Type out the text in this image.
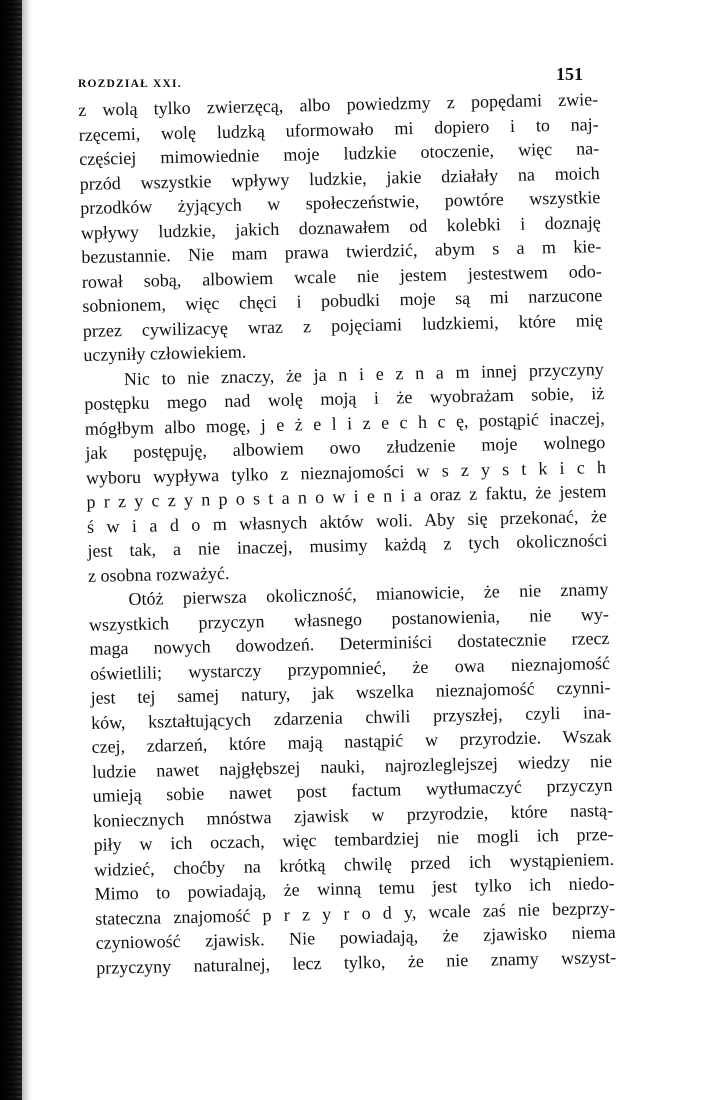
ROZDZIAŁ XXI.	151
z wolą tylko zwierzęcą, albo powiedzmy z popędami zwie-
rzęcemi, wolę ludzką uformowało mi dopiero i to naj-
częściej mimowiednie moje ludzkie otoczenie, więc na-
przód wszystkie wpływy ludzkie, jakie działały na moich
przodków żyjących w społeczeństwie, powtóre wszystkie
wpływy ludzkie, jakich doznawałem od kolebki i doznaję
bezustannie. Nie mam prawa twierdzić, abym s a m kie-
rował sobą, albowiem wcale nie jestem jestestwem odo-
sobnionem, więc chęci i pobudki moje są mi narzucone
przez cywilizacyę wraz z pojęciami ludzkiemi, które mię
uczyniły człowiekiem.
Nic to nie znaczy, że ja n i e z n a m innej przyczyny
postępku mego nad wolę moją i że wyobrażam sobie, iż
mógłbym albo mogę, j e ż e l i z e c h c ę, postąpić inaczej,
jak postępuję, albowiem owo złudzenie moje wolnego
wyboru wypływa tylko z nieznajomości w s z y s t k i c h
p r z y c z y n p o s t a n o w i e n i a oraz z faktu, że jestem
ś w i a d o m własnych aktów woli. Aby się przekonać, że
jest tak, a nie inaczej, musimy każdą z tych okoliczności
z osobna rozważyć.
Otóż pierwsza okoliczność, mianowicie, że nie znamy
wszystkich przyczyn własnego postanowienia, nie wy-
maga nowych dowodzeń. Determiniści dostatecznie rzecz
oświetlili; wystarczy przypomnieć, że owa nieznajomość
jest tej samej natury, jak wszelka nieznajomość czynni-
ków, kształtujących zdarzenia chwili przyszłej, czyli ina-
czej, zdarzeń, które mają nastąpić w przyrodzie. Wszak
ludzie nawet najgłębszej nauki, najrozleglejszej wiedzy nie
umieją sobie nawet post factum wytłumaczyć przyczyn
koniecznych mnóstwa zjawisk w przyrodzie, które nastą-
piły w ich oczach, więc tembardziej nie mogli ich prze-
widzieć, choćby na krótką chwilę przed ich wystąpieniem.
Mimo to powiadają, że winną temu jest tylko ich niedo-
stateczna znajomość p r z y r o d y, wcale zaś nie bezprzy-
czyniowość zjawisk. Nie powiadają, że zjawisko niema
przyczyny naturalnej, lecz tylko, że nie znamy wszyst-
